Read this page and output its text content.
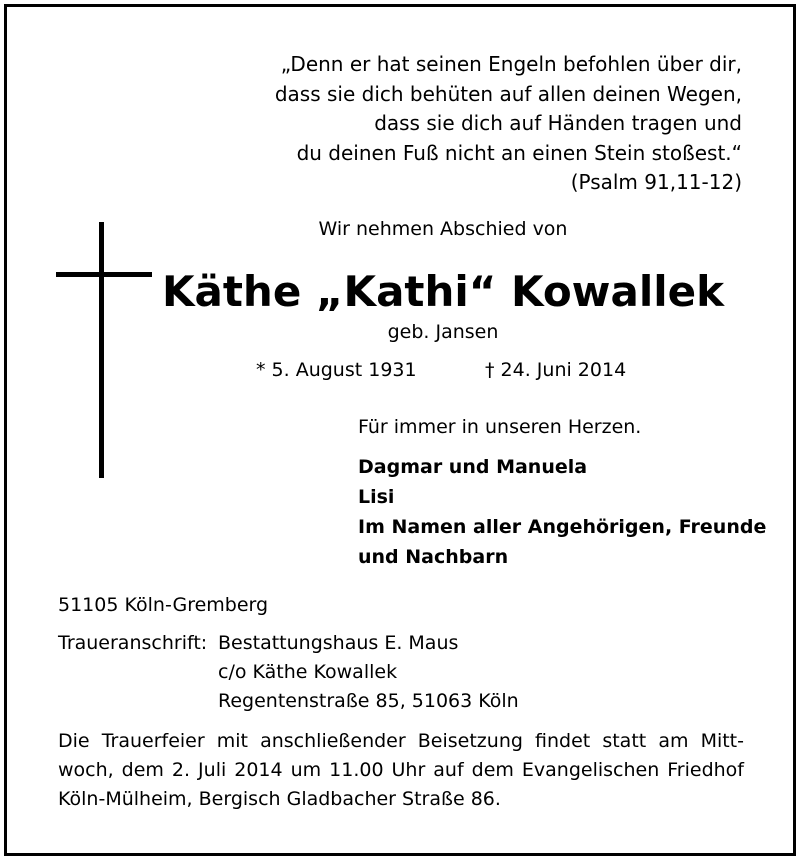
„Denn er hat seinen Engeln befohlen über dir,
dass sie dich behüten auf allen deinen Wegen,
dass sie dich auf Händen tragen und
du deinen Fuß nicht an einen Stein stoßest.“
(Psalm 91,11-12)
Wir nehmen Abschied von
Käthe „Kathi“ Kowallek
geb. Jansen
* 5. August 1931	† 24. Juni 2014
Für immer in unseren Herzen.
Dagmar und Manuela
Lisi
Im Namen aller Angehörigen, Freunde
und Nachbarn
51105 Köln-Gremberg
Traueranschrift: Bestattungshaus E. Maus
c/o Käthe Kowallek
Regentenstraße 85, 51063 Köln
Die Trauerfeier mit anschließender Beisetzung findet statt am Mitt-
woch, dem 2. Juli 2014 um 11.00 Uhr auf dem Evangelischen Friedhof
Köln-Mülheim, Bergisch Gladbacher Straße 86.
